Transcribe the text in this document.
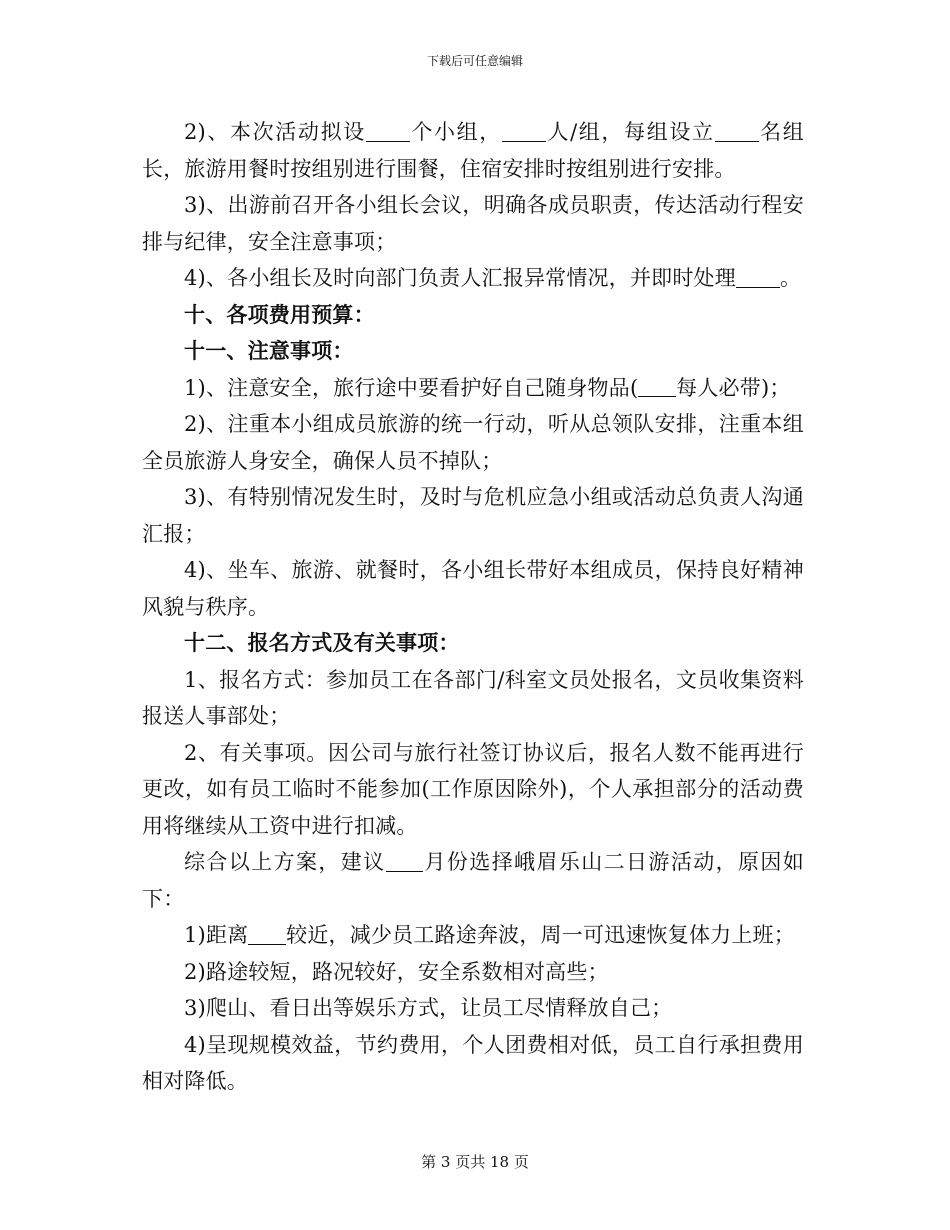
下载后可任意编辑

2)、本次活动拟设 个小组， 人/组，每组设立 名组长，旅游用餐时按组别进行围餐，住宿安排时按组别进行安排。

3)、出游前召开各小组长会议，明确各成员职责，传达活动行程安排与纪律，安全注意事项；

4)、各小组长及时向部门负责人汇报异常情况，并即时处理 。

十、各项费用预算：

十一、注意事项：

1)、注意安全，旅行途中要看护好自己随身物品( 每人必带)；

2)、注重本小组成员旅游的统一行动，听从总领队安排，注重本组全员旅游人身安全，确保人员不掉队；

3)、有特别情况发生时，及时与危机应急小组或活动总负责人沟通汇报；

4)、坐车、旅游、就餐时，各小组长带好本组成员，保持良好精神风貌与秩序。

十二、报名方式及有关事项：

1、报名方式：参加员工在各部门/科室文员处报名，文员收集资料报送人事部处；

2、有关事项。因公司与旅行社签订协议后，报名人数不能再进行更改，如有员工临时不能参加(工作原因除外)，个人承担部分的活动费用将继续从工资中进行扣减。

综合以上方案，建议 月份选择峨眉乐山二日游活动，原因如下：

1)距离 较近，减少员工路途奔波，周一可迅速恢复体力上班；

2)路途较短，路况较好，安全系数相对高些；

3)爬山、看日出等娱乐方式，让员工尽情释放自己；

4)呈现规模效益，节约费用，个人团费相对低，员工自行承担费用相对降低。

第 3 页共 18 页
